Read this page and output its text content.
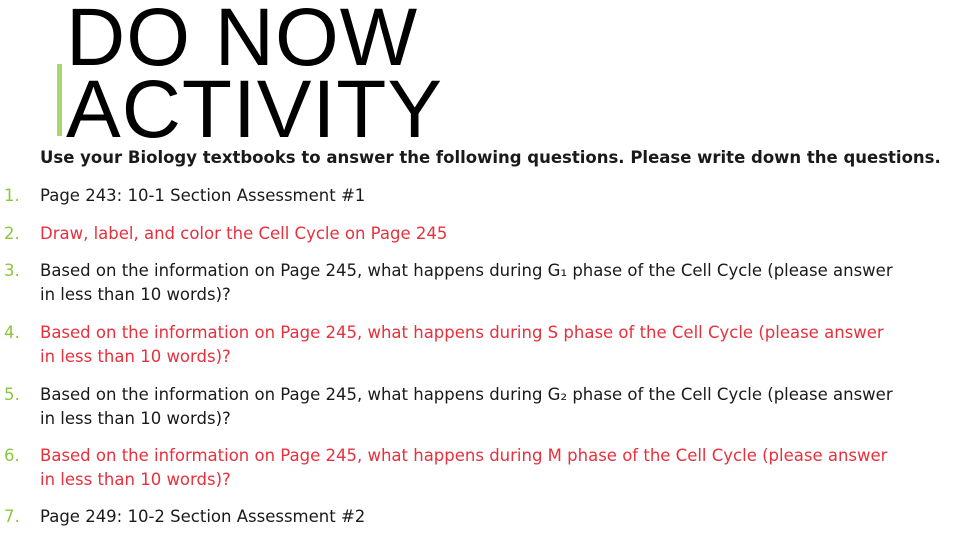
Use your Biology textbooks to answer the following questions. Please write down the questions.

DO NOW
ACTIVITY
1.	Page 243: 10-1 Section Assessment #1
2.	Draw, label, and color the Cell Cycle on Page 245
3.	Based on the information on Page 245, what happens during G₁ phase of the Cell Cycle (please answer
in less than 10 words)?
4.	Based on the information on Page 245, what happens during S phase of the Cell Cycle (please answer
in less than 10 words)?
5.	Based on the information on Page 245, what happens during G₂ phase of the Cell Cycle (please answer
in less than 10 words)?
6.	Based on the information on Page 245, what happens during M phase of the Cell Cycle (please answer
in less than 10 words)?
7.	Page 249: 10-2 Section Assessment #2
